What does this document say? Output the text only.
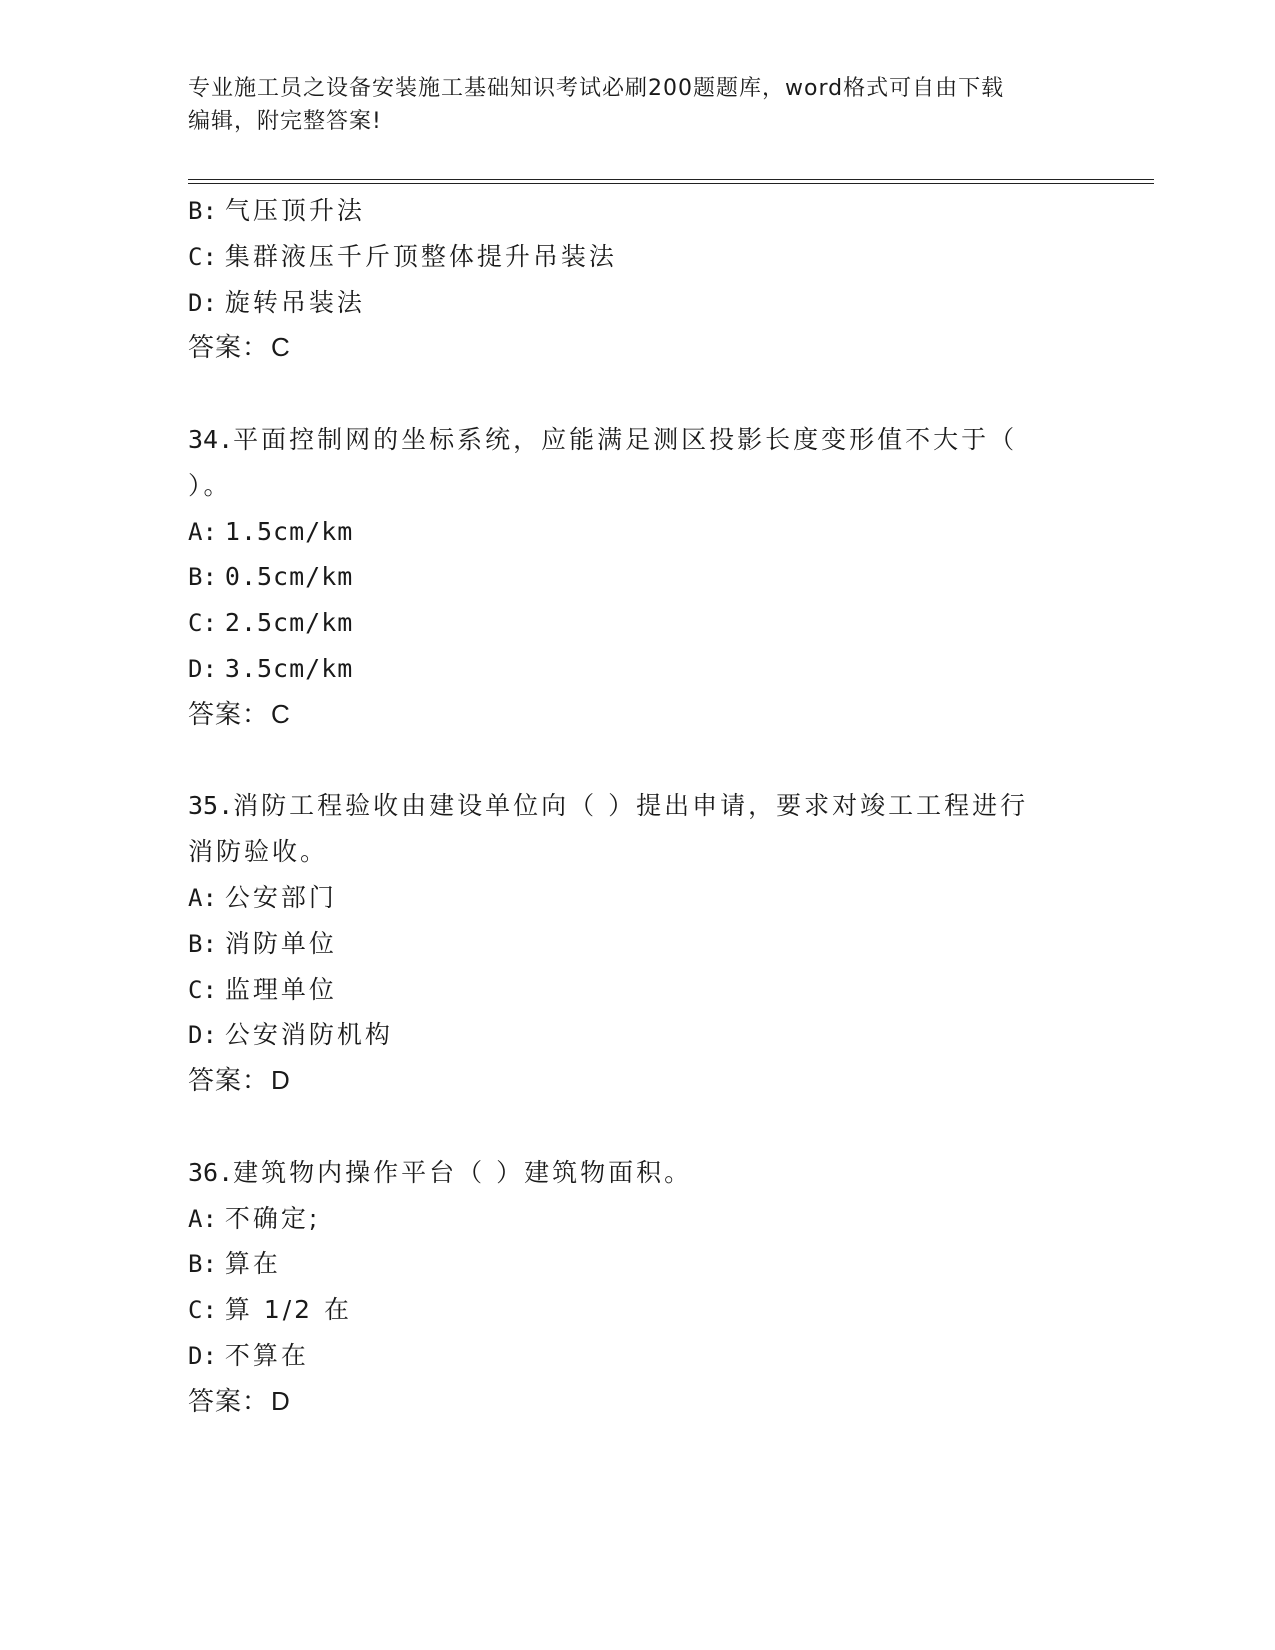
专业施工员之设备安装施工基础知识考试必刷200题题库，word格式可自由下载
编辑，附完整答案!
B: 气压顶升法
C: 集群液压千斤顶整体提升吊装法
D: 旋转吊装法
答案：C
34.平面控制网的坐标系统，应能满足测区投影长度变形值不大于（
）。
A: 1.5cm/km
B: 0.5cm/km
C: 2.5cm/km
D: 3.5cm/km
答案：C
35.消防工程验收由建设单位向（ ）提出申请，要求对竣工工程进行
消防验收。
A: 公安部门
B: 消防单位
C: 监理单位
D: 公安消防机构
答案：D
36.建筑物内操作平台（ ）建筑物面积。
A: 不确定;
B: 算在
C: 算 1/2 在
D: 不算在
答案：D
